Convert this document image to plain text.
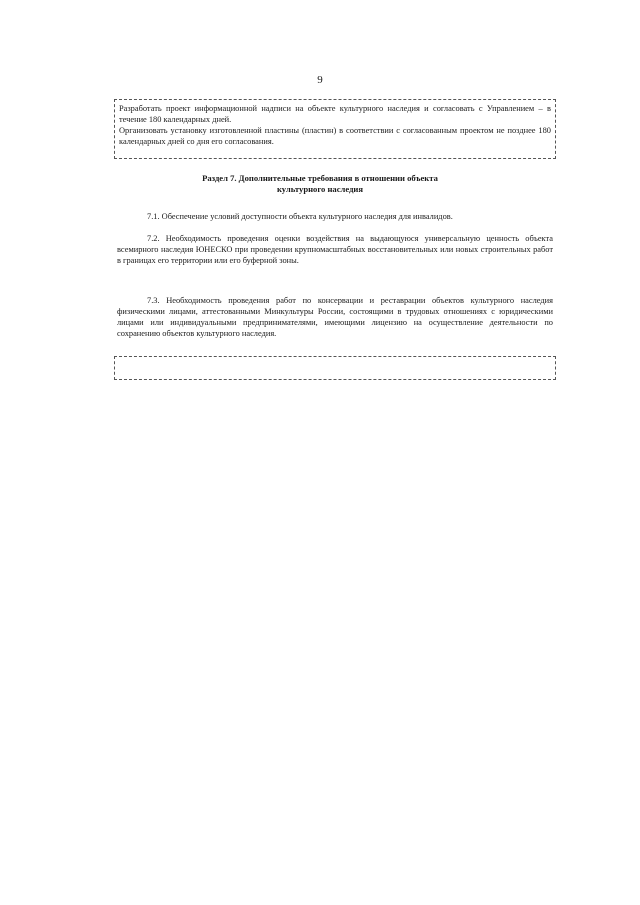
9

Разработать проект информационной надписи на объекте культурного наследия и согласовать с Управлением – в течение 180 календарных дней.

Организовать установку изготовленной пластины (пластин) в соответствии с согласованным проектом не позднее 180 календарных дней со дня его согласования.

Раздел 7. Дополнительные требования в отношении объекта
культурного наследия

7.1. Обеспечение условий доступности объекта культурного наследия для инвалидов.

7.2. Необходимость проведения оценки воздействия на выдающуюся универсальную ценность объекта всемирного наследия ЮНЕСКО при проведении крупномасштабных восстановительных или новых строительных работ в границах его территории или его буферной зоны.

7.3. Необходимость проведения работ по консервации и реставрации объектов культурного наследия физическими лицами, аттестованными Минкультуры России, состоящими в трудовых отношениях с юридическими лицами или индивидуальными предпринимателями, имеющими лицензию на осуществление деятельности по сохранению объектов культурного наследия.
